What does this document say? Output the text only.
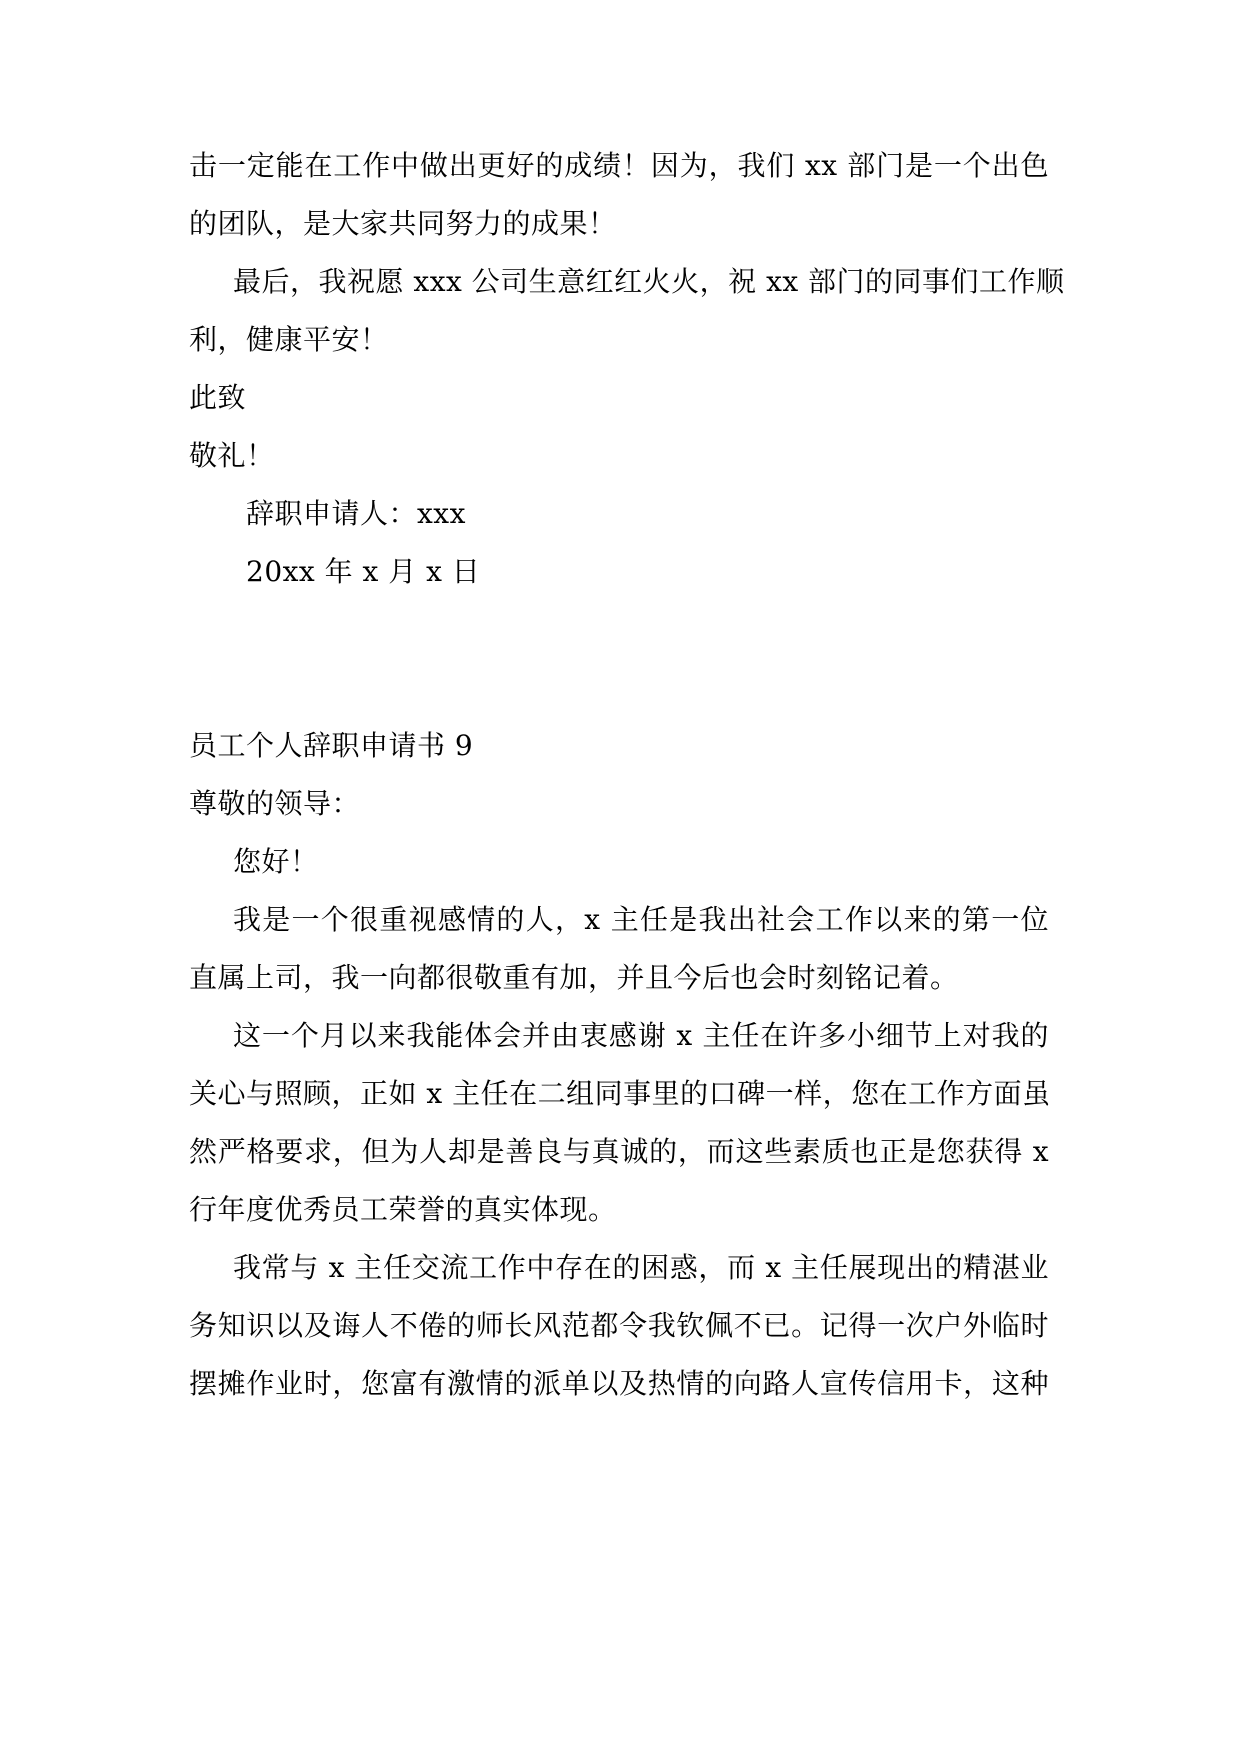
击一定能在工作中做出更好的成绩！因为，我们 xx 部门是一个出色
的团队，是大家共同努力的成果！
最后，我祝愿 xxx 公司生意红红火火，祝 xx 部门的同事们工作顺
利，健康平安！
此致
敬礼！
辞职申请人：xxx
20xx 年 x 月 x 日
员工个人辞职申请书 9
尊敬的领导：
您好！
我是一个很重视感情的人，x 主任是我出社会工作以来的第一位
直属上司，我一向都很敬重有加，并且今后也会时刻铭记着。
这一个月以来我能体会并由衷感谢 x 主任在许多小细节上对我的
关心与照顾，正如 x 主任在二组同事里的口碑一样，您在工作方面虽
然严格要求，但为人却是善良与真诚的，而这些素质也正是您获得 x
行年度优秀员工荣誉的真实体现。
我常与 x 主任交流工作中存在的困惑，而 x 主任展现出的精湛业
务知识以及诲人不倦的师长风范都令我钦佩不已。记得一次户外临时
摆摊作业时，您富有激情的派单以及热情的向路人宣传信用卡，这种
